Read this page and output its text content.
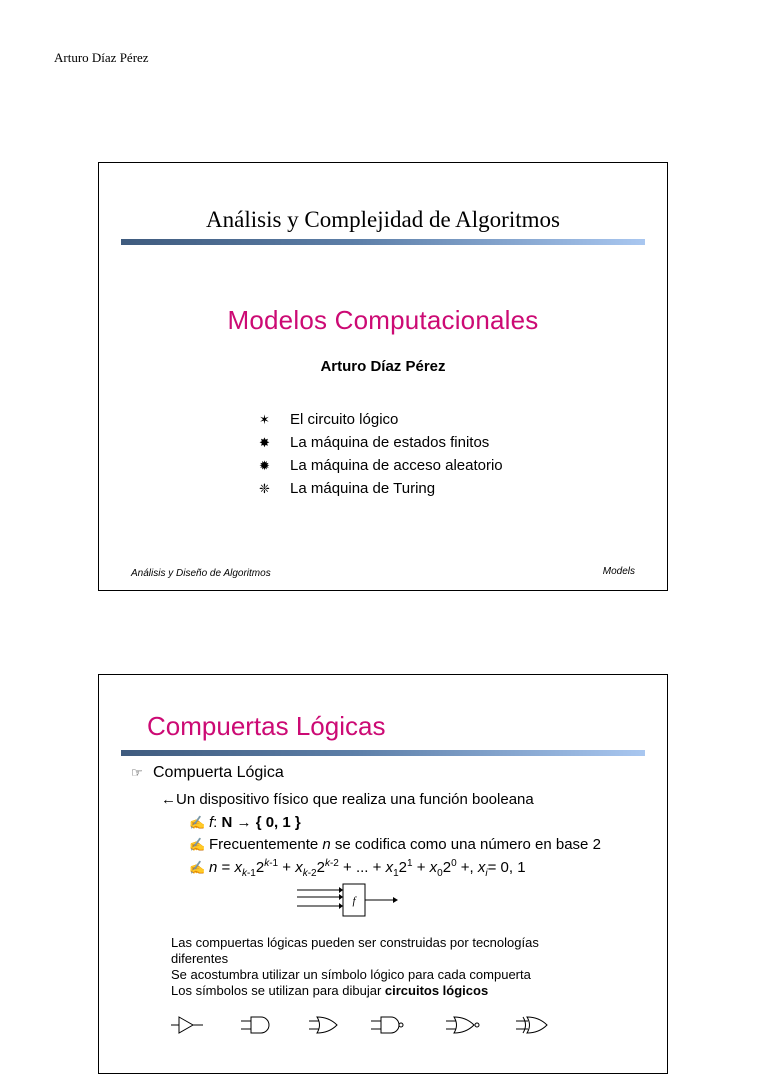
Arturo Díaz Pérez
Análisis y Complejidad de Algoritmos
Modelos Computacionales
Arturo Díaz Pérez
✶	El circuito lógico
✸	La máquina de estados finitos
✹	La máquina de acceso aleatorio
❈	La máquina de Turing
Análisis y Diseño de Algoritmos	Models
Compuertas Lógicas
☞ Compuerta Lógica
←Un dispositivo físico que realiza una función booleana
✍ f: N → { 0, 1 }
✍ Frecuentemente n se codifica como una número en base 2
✍ $n = x_{k-1}2^{k-1} + x_{k-2}2^{k-2}$ + ... + $x_12^1 + x_02^0$ +, $x_i= 0$, 1
f
Las compuertas lógicas pueden ser construidas por tecnologías diferentes
Se acostumbra utilizar un símbolo lógico para cada compuerta
Los símbolos se utilizan para dibujar circuitos lógicos
